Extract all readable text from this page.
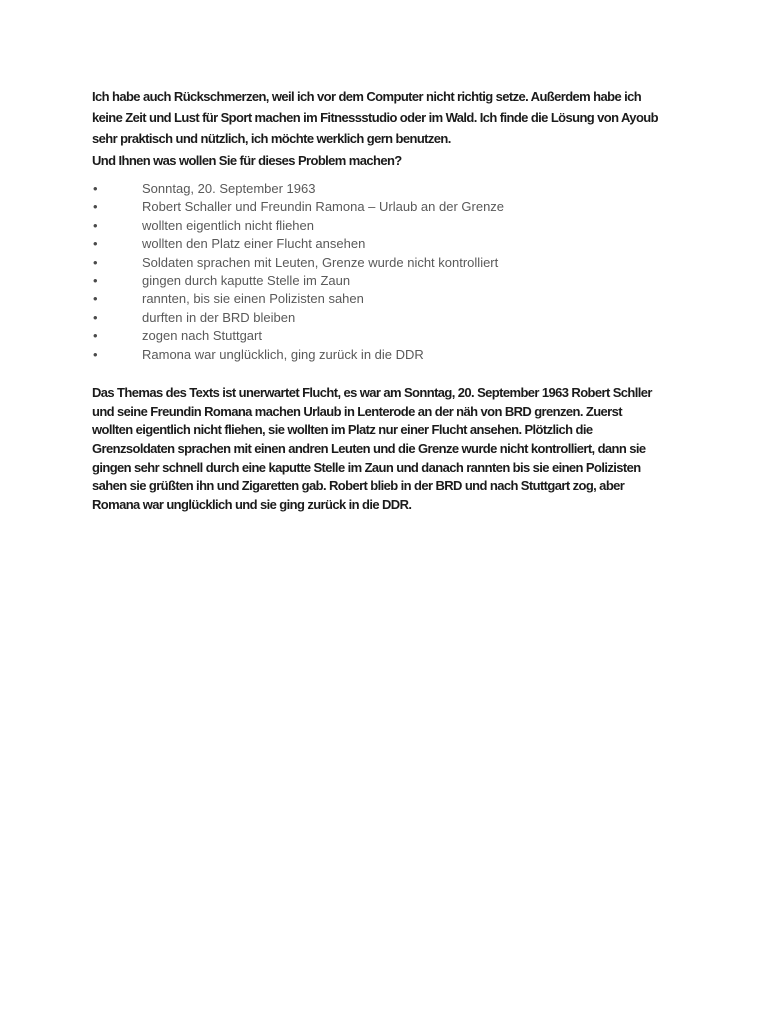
Ich habe auch Rückschmerzen, weil ich vor dem Computer nicht richtig setze. Außerdem habe ich
keine Zeit und Lust für Sport machen im Fitnessstudio oder im Wald. Ich finde die Lösung von Ayoub
sehr praktisch und nützlich, ich möchte werklich gern benutzen.
Und Ihnen was wollen Sie für dieses Problem machen?
•	Sonntag, 20. September 1963
•	Robert Schaller und Freundin Ramona – Urlaub an der Grenze
•	wollten eigentlich nicht fliehen
•	wollten den Platz einer Flucht ansehen
•	Soldaten sprachen mit Leuten, Grenze wurde nicht kontrolliert
•	gingen durch kaputte Stelle im Zaun
•	rannten, bis sie einen Polizisten sahen
•	durften in der BRD bleiben
•	zogen nach Stuttgart
•	Ramona war unglücklich, ging zurück in die DDR
Das Themas des Texts ist unerwartet Flucht, es war am Sonntag, 20. September 1963 Robert Schller
und seine Freundin Romana machen Urlaub in Lenterode an der näh von BRD grenzen. Zuerst
wollten eigentlich nicht fliehen, sie wollten im Platz nur einer Flucht ansehen. Plötzlich die
Grenzsoldaten sprachen mit einen andren Leuten und die Grenze wurde nicht kontrolliert, dann sie
gingen sehr schnell durch eine kaputte Stelle im Zaun und danach rannten bis sie einen Polizisten
sahen sie grüßten ihn und Zigaretten gab. Robert blieb in der BRD und nach Stuttgart zog, aber
Romana war unglücklich und sie ging zurück in die DDR.
